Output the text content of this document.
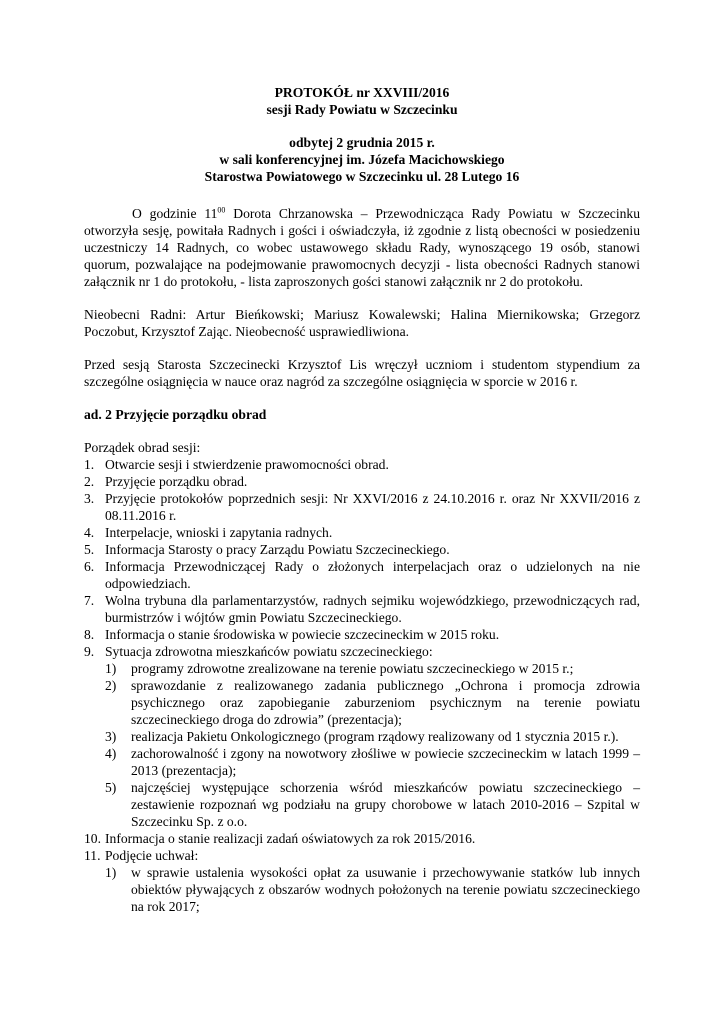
PROTOKÓŁ nr XXVIII/2016

sesji Rady Powiatu w Szczecinku

odbytej 2 grudnia 2015 r.

w sali konferencyjnej im. Józefa Macichowskiego

Starostwa Powiatowego w Szczecinku ul. 28 Lutego 16

O godzinie $11^{00}$ Dorota Chrzanowska – Przewodnicząca Rady Powiatu w Szczecinku otworzyła sesję, powitała Radnych i gości i oświadczyła, iż zgodnie z listą obecności w posiedzeniu uczestniczy 14 Radnych, co wobec ustawowego składu Rady, wynoszącego 19 osób, stanowi quorum, pozwalające na podejmowanie prawomocnych decyzji - lista obecności Radnych stanowi załącznik nr 1 do protokołu, - lista zaproszonych gości stanowi załącznik nr 2 do protokołu.

Nieobecni Radni: Artur Bieńkowski; Mariusz Kowalewski; Halina Miernikowska; Grzegorz Poczobut, Krzysztof Zając. Nieobecność usprawiedliwiona.

Przed sesją Starosta Szczecinecki Krzysztof Lis wręczył uczniom i studentom stypendium za szczególne osiągnięcia w nauce oraz nagród za szczególne osiągnięcia w sporcie w 2016 r.

ad. 2 Przyjęcie porządku obrad

Porządek obrad sesji:

1. Otwarcie sesji i stwierdzenie prawomocności obrad.
2. Przyjęcie porządku obrad.
3. Przyjęcie protokołów poprzednich sesji: Nr XXVI/2016 z 24.10.2016 r. oraz Nr XXVII/2016 z 08.11.2016 r.
4. Interpelacje, wnioski i zapytania radnych.
5. Informacja Starosty o pracy Zarządu Powiatu Szczecineckiego.
6. Informacja Przewodniczącej Rady o złożonych interpelacjach oraz o udzielonych na nie odpowiedziach.
7. Wolna trybuna dla parlamentarzystów, radnych sejmiku wojewódzkiego, przewodniczących rad, burmistrzów i wójtów gmin Powiatu Szczecineckiego.
8. Informacja o stanie środowiska w powiecie szczecineckim w 2015 roku.
9. Sytuacja zdrowotna mieszkańców powiatu szczecineckiego:
1)	programy zdrowotne zrealizowane na terenie powiatu szczecineckiego w 2015 r.;
2)	sprawozdanie z realizowanego zadania publicznego „Ochrona i promocja zdrowia psychicznego oraz zapobieganie zaburzeniom psychicznym na terenie powiatu szczecineckiego droga do zdrowia” (prezentacja);
3)	realizacja Pakietu Onkologicznego (program rządowy realizowany od 1 stycznia 2015 r.).
4)	zachorowalność i zgony na nowotwory złośliwe w powiecie szczecineckim w latach 1999 – 2013 (prezentacja);
5)	najczęściej występujące schorzenia wśród mieszkańców powiatu szczecineckiego – zestawienie rozpoznań wg podziału na grupy chorobowe w latach 2010-2016 – Szpital w Szczecinku Sp. z o.o.
10. Informacja o stanie realizacji zadań oświatowych za rok 2015/2016.
11. Podjęcie uchwał:
1)	w sprawie ustalenia wysokości opłat za usuwanie i przechowywanie statków lub innych obiektów pływających z obszarów wodnych położonych na terenie powiatu szczecineckiego na rok 2017;
